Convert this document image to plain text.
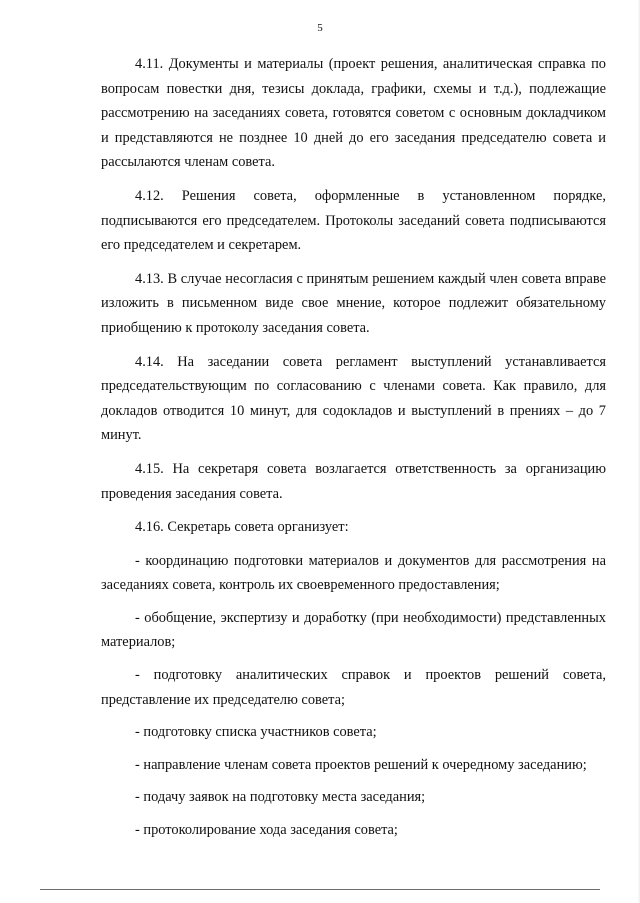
5

4.11. Документы и материалы (проект решения, аналитическая справка по вопросам повестки дня, тезисы доклада, графики, схемы и т.д.), подлежащие рассмотрению на заседаниях совета, готовятся советом с основным докладчиком и представляются не позднее 10 дней до его заседания председателю совета и рассылаются членам совета.

4.12. Решения совета, оформленные в установленном порядке, подписываются его председателем. Протоколы заседаний совета подписываются его председателем и секретарем.

4.13. В случае несогласия с принятым решением каждый член совета вправе изложить в письменном виде свое мнение, которое подлежит обязательному приобщению к протоколу заседания совета.

4.14. На заседании совета регламент выступлений устанавливается председательствующим по согласованию с членами совета. Как правило, для докладов отводится 10 минут, для содокладов и выступлений в прениях – до 7 минут.

4.15. На секретаря совета возлагается ответственность за организацию проведения заседания совета.

4.16. Секретарь совета организует:

- координацию подготовки материалов и документов для рассмотрения на заседаниях совета, контроль их своевременного предоставления;

- обобщение, экспертизу и доработку (при необходимости) представленных материалов;

- подготовку аналитических справок и проектов решений совета, представление их председателю совета;

- подготовку списка участников совета;

- направление членам совета проектов решений к очередному заседанию;

- подачу заявок на подготовку места заседания;

- протоколирование хода заседания совета;
